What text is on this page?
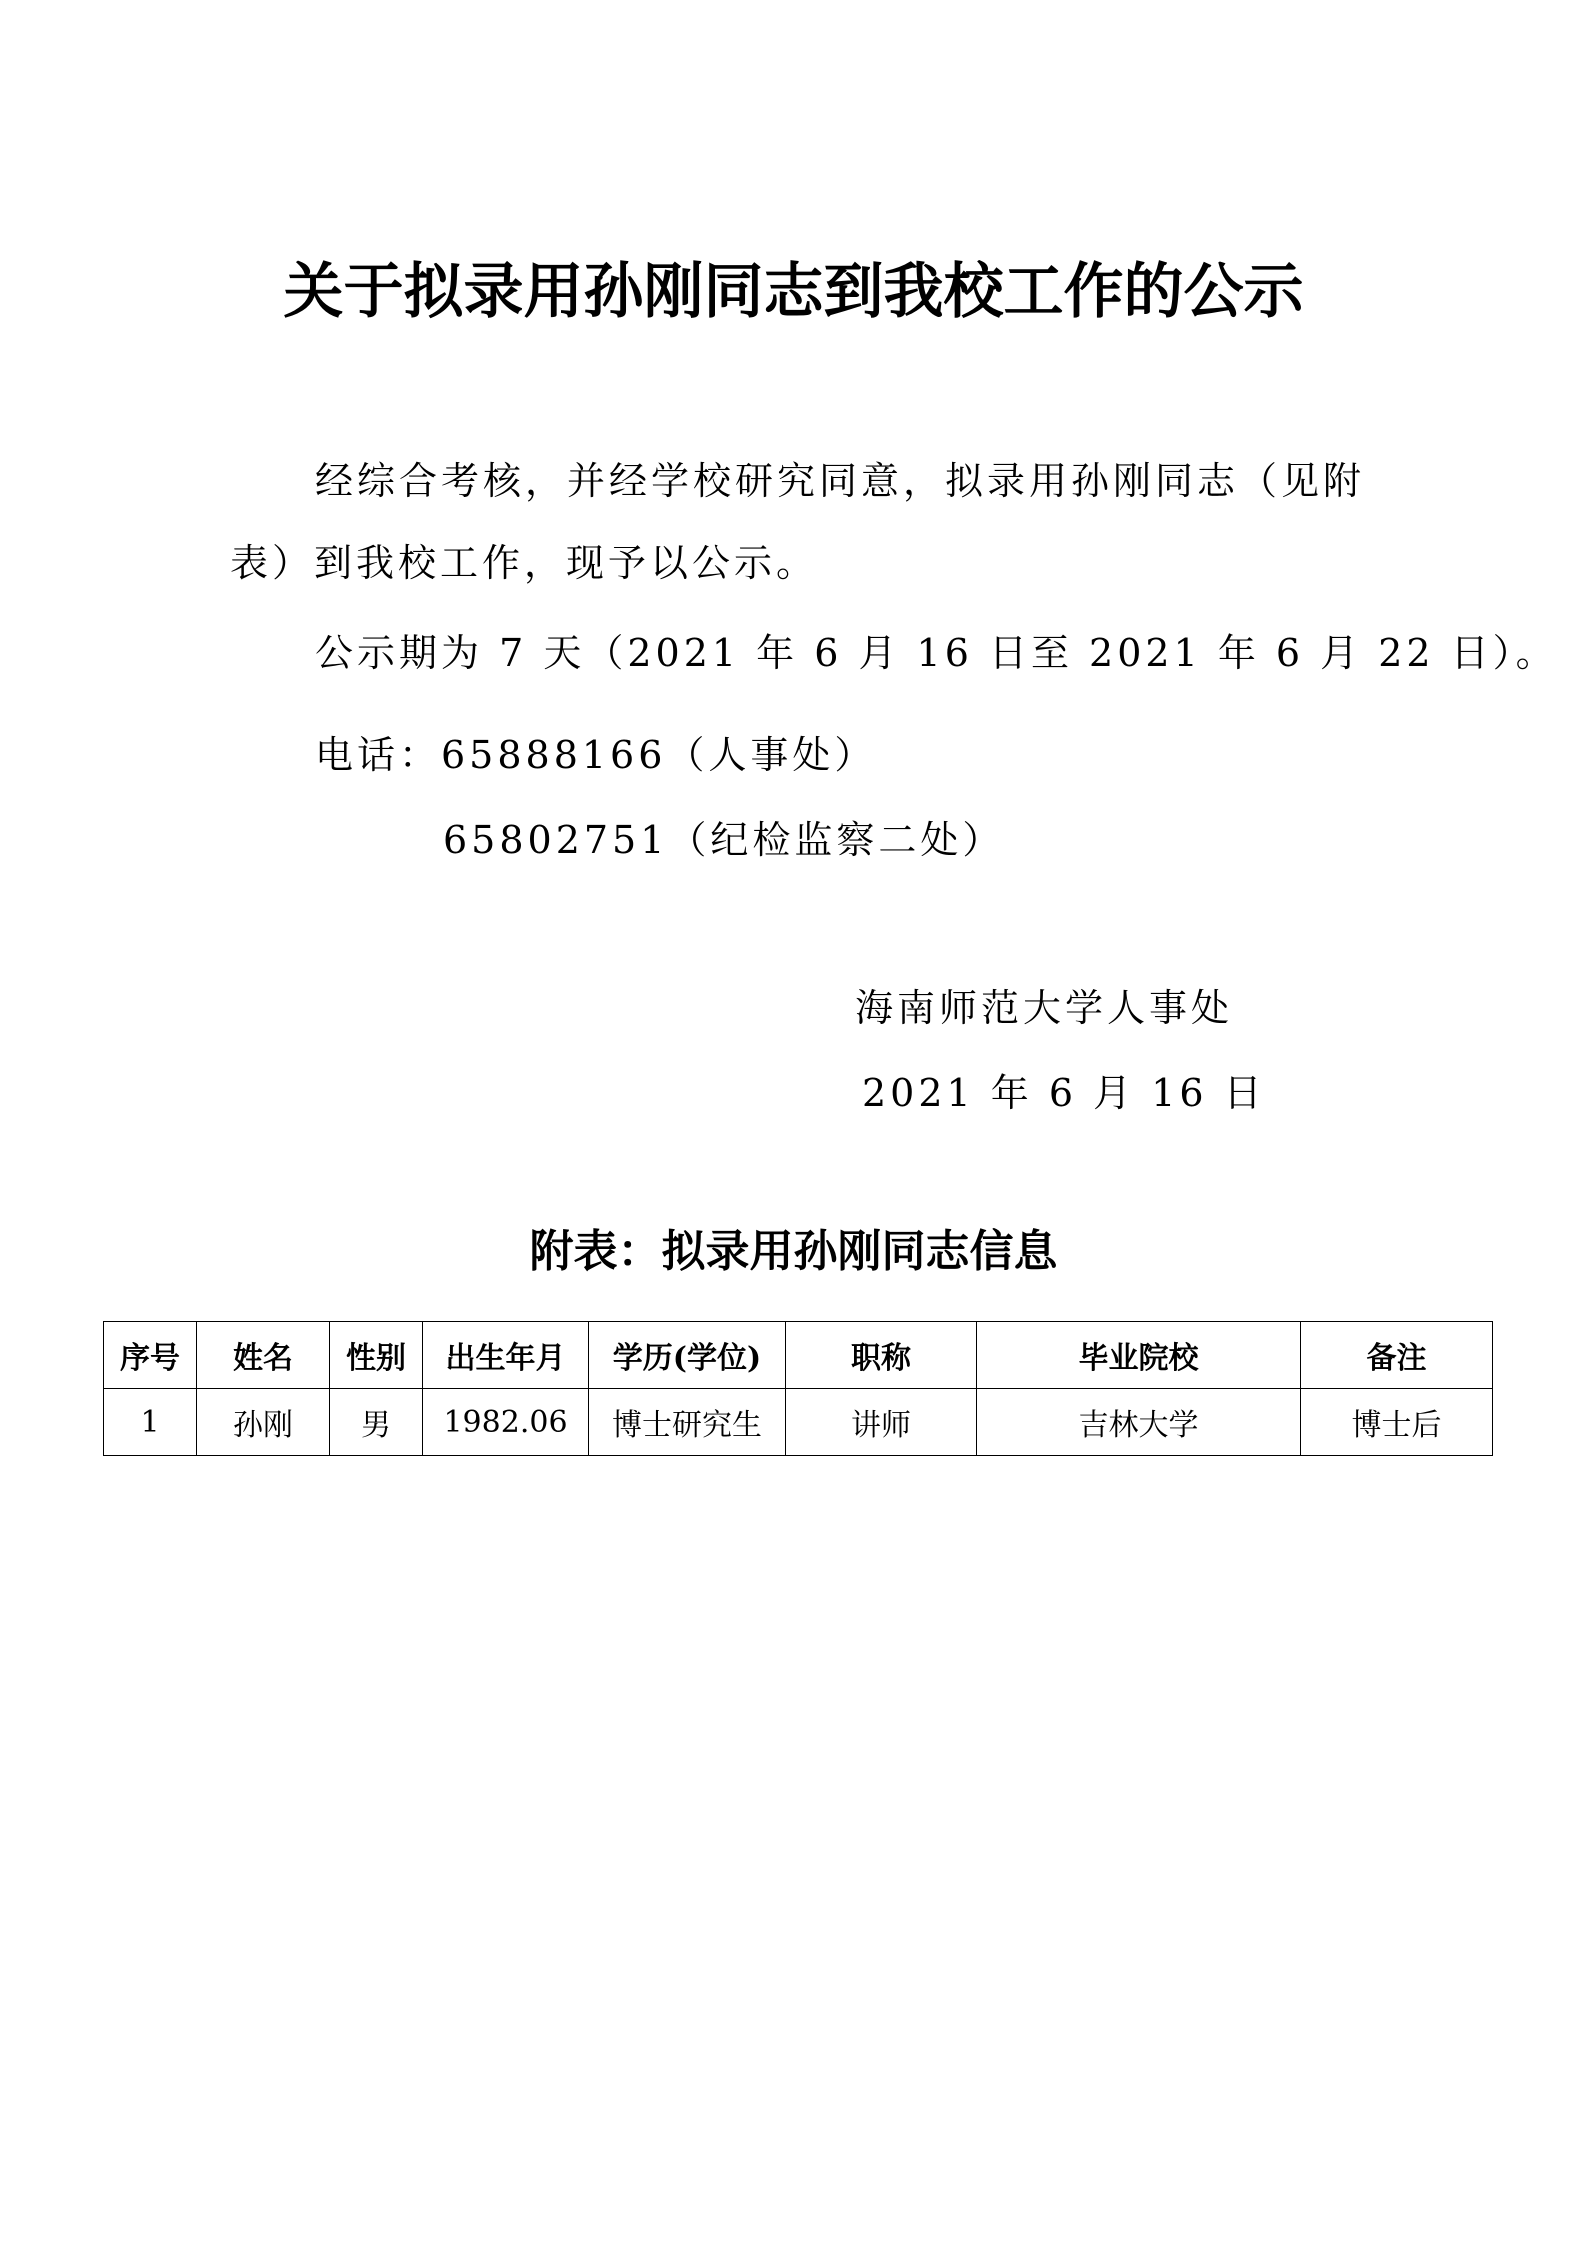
关于拟录用孙刚同志到我校工作的公示
经综合考核，并经学校研究同意，拟录用孙刚同志（见附表）到我校工作，现予以公示。
公示期为 7 天（2021 年 6 月 16 日至 2021 年 6 月 22 日）。
电话：65888166（人事处）
65802751（纪检监察二处）
海南师范大学人事处
2021 年 6 月 16 日
附表：拟录用孙刚同志信息
序号	姓名	性别	出生年月	学历(学位)	职称	毕业院校	备注
1	孙刚	男	1982.06	博士研究生	讲师	吉林大学	博士后
